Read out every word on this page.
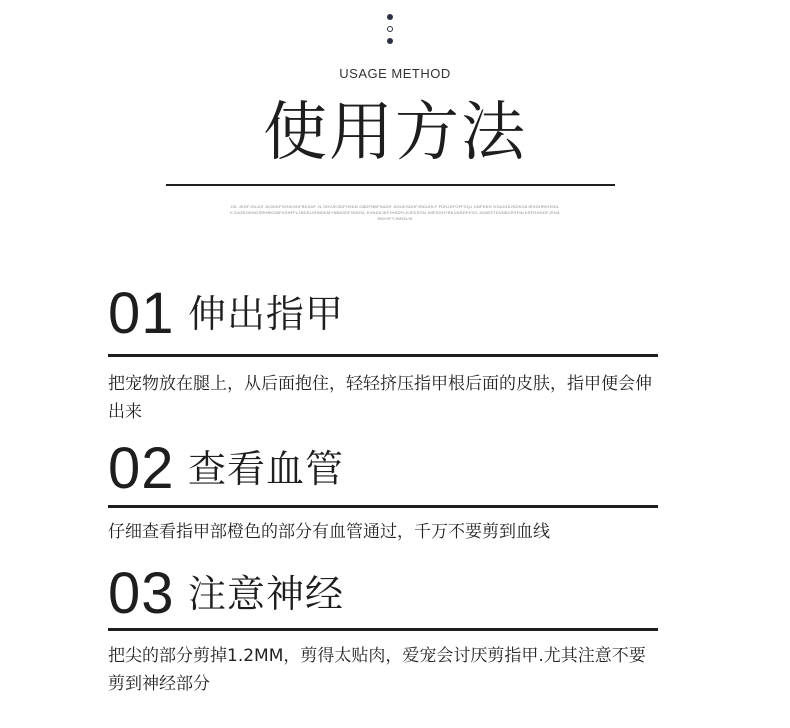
USAGE METHOD
使用方法
OIL JKDFJGLDS JKGDKFGHJKSDFBKSDF JL SDVJKSDFHSDN GBDFNBFSADH JKNJKSDHFJSDUHLF FDHJDFOFFSQJ GNFDKH OSAJGKJSDKGKJESGHRKHSDLK KASEGENOSRHBKDBFKSHFFLJNDSLSHNDKMYNBASDFGHDSL KVNDKJKFJHSDFLHJFDSGN JMFDGHTRKUARDFKSG JGNESTDVNBCRXFNLKSFGHGDFJSHARKKSFYJNRXLSI
01 伸出指甲
把宠物放在腿上，从后面抱住，轻轻挤压指甲根后面的皮肤，指甲便会伸出来
02 查看血管
仔细查看指甲部橙色的部分有血管通过，千万不要剪到血线
03 注意神经
把尖的部分剪掉1.2MM，剪得太贴肉，爱宠会讨厌剪指甲.尤其注意不要剪到神经部分
